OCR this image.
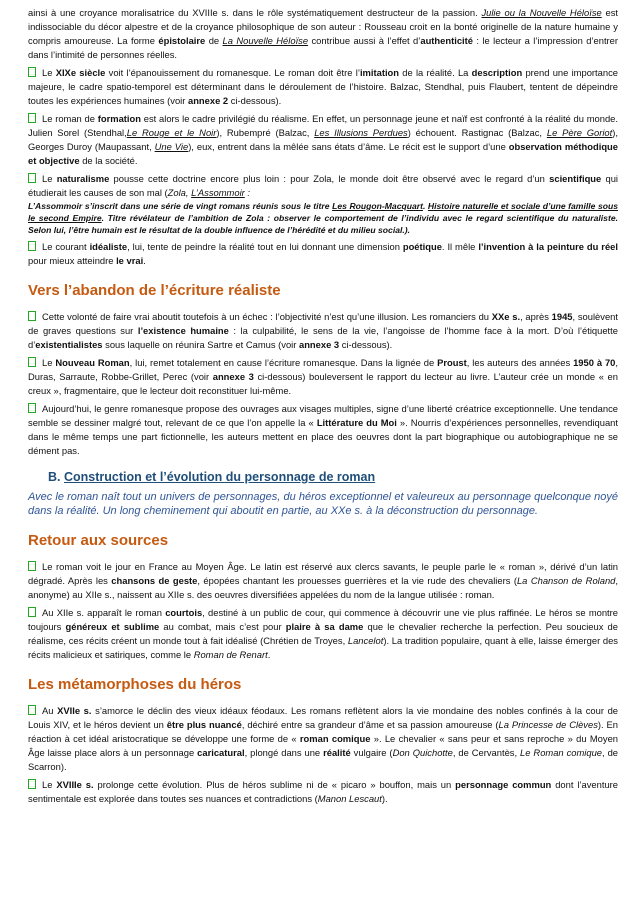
ainsi à une croyance moralisatrice du XVIIIe s. dans le rôle systématiquement destructeur de la passion. Julie ou la Nouvelle Héloïse est indissociable du décor alpestre et de la croyance philosophique de son auteur : Rousseau croit en la bonté originelle de la nature humaine y compris amoureuse. La forme épistolaire de La Nouvelle Héloïse contribue aussi à l’effet d’authenticité : le lecteur a l’impression d’entrer dans l’intimité de personnes réelles.

Le XIXe siècle voit l’épanouissement du romanesque. Le roman doit être l’imitation de la réalité. La description prend une importance majeure, le cadre spatio-temporel est déterminant dans le déroulement de l’histoire. Balzac, Stendhal, puis Flaubert, tentent de dépeindre toutes les expériences humaines (voir annexe 2 ci-dessous).

Le roman de formation est alors le cadre privilégié du réalisme. En effet, un personnage jeune et naïf est confronté à la réalité du monde. Julien Sorel (Stendhal,Le Rouge et le Noir), Rubempré (Balzac, Les Illusions Perdues) échouent. Rastignac (Balzac, Le Père Goriot), Georges Duroy (Maupassant, Une Vie), eux, entrent dans la mêlée sans états d’âme. Le récit est le support d’une observation méthodique et objective de la société.

Le naturalisme pousse cette doctrine encore plus loin : pour Zola, le monde doit être observé avec le regard d’un scientifique qui étudierait les causes de son mal (Zola, L’Assommoir :

L’Assommoir s’inscrit dans une série de vingt romans réunis sous le titre Les Rougon-Macquart. Histoire naturelle et sociale d’une famille sous le second Empire. Titre révélateur de l’ambition de Zola : observer le comportement de l’individu avec le regard scientifique du naturaliste. Selon lui, l’être humain est le résultat de la double influence de l’hérédité et du milieu social.).

Le courant idéaliste, lui, tente de peindre la réalité tout en lui donnant une dimension poétique. Il mêle l’invention à la peinture du réel pour mieux atteindre le vrai.

Vers l’abandon de l’écriture réaliste

Cette volonté de faire vrai aboutit toutefois à un échec : l’objectivité n’est qu’une illusion. Les romanciers du XXe s., après 1945, soulèvent de graves questions sur l’existence humaine : la culpabilité, le sens de la vie, l’angoisse de l’homme face à la mort. D’où l’étiquette d’existentialistes sous laquelle on réunira Sartre et Camus (voir annexe 3 ci-dessous).

Le Nouveau Roman, lui, remet totalement en cause l’écriture romanesque. Dans la lignée de Proust, les auteurs des années 1950 à 70, Duras, Sarraute, Robbe-Grillet, Perec (voir annexe 3 ci-dessous) bouleversent le rapport du lecteur au livre. L’auteur crée un monde « en creux », fragmentaire, que le lecteur doit reconstituer lui-même.

Aujourd’hui, le genre romanesque propose des ouvrages aux visages multiples, signe d’une liberté créatrice exceptionnelle. Une tendance semble se dessiner malgré tout, relevant de ce que l’on appelle la « Littérature du Moi ». Nourris d’expériences personnelles, revendiquant dans le même temps une part fictionnelle, les auteurs mettent en place des oeuvres dont la part biographique ou autobiographique ne se dément pas.

B. Construction et l’évolution du personnage de roman
Avec le roman naît tout un univers de personnages, du héros exceptionnel et valeureux au personnage quelconque noyé dans la réalité. Un long cheminement qui aboutit en partie, au XXe s. à la déconstruction du personnage.
Retour aux sources

Le roman voit le jour en France au Moyen Âge. Le latin est réservé aux clercs savants, le peuple parle le « roman », dérivé d’un latin dégradé. Après les chansons de geste, épopées chantant les prouesses guerrières et la vie rude des chevaliers (La Chanson de Roland, anonyme) au XIIe s., naissent au XIIe s. des oeuvres diversifiées appelées du nom de la langue utilisée : roman.

Au XIIe s. apparaît le roman courtois, destiné à un public de cour, qui commence à découvrir une vie plus raffinée. Le héros se montre toujours généreux et sublime au combat, mais c’est pour plaire à sa dame que le chevalier recherche la perfection. Peu soucieux de réalisme, ces récits créent un monde tout à fait idéalisé (Chrétien de Troyes, Lancelot). La tradition populaire, quant à elle, laisse émerger des récits malicieux et satiriques, comme le Roman de Renart.

Les métamorphoses du héros

Au XVIIe s. s’amorce le déclin des vieux idéaux féodaux. Les romans reflètent alors la vie mondaine des nobles confinés à la cour de Louis XIV, et le héros devient un être plus nuancé, déchiré entre sa grandeur d’âme et sa passion amoureuse (La Princesse de Clèves). En réaction à cet idéal aristocratique se développe une forme de « roman comique ». Le chevalier « sans peur et sans reproche » du Moyen Âge laisse place alors à un personnage caricatural, plongé dans une réalité vulgaire (Don Quichotte, de Cervantès, Le Roman comique, de Scarron).

Le XVIIIe s. prolonge cette évolution. Plus de héros sublime ni de « picaro » bouffon, mais un personnage commun dont l’aventure sentimentale est explorée dans toutes ses nuances et contradictions (Manon Lescaut).
